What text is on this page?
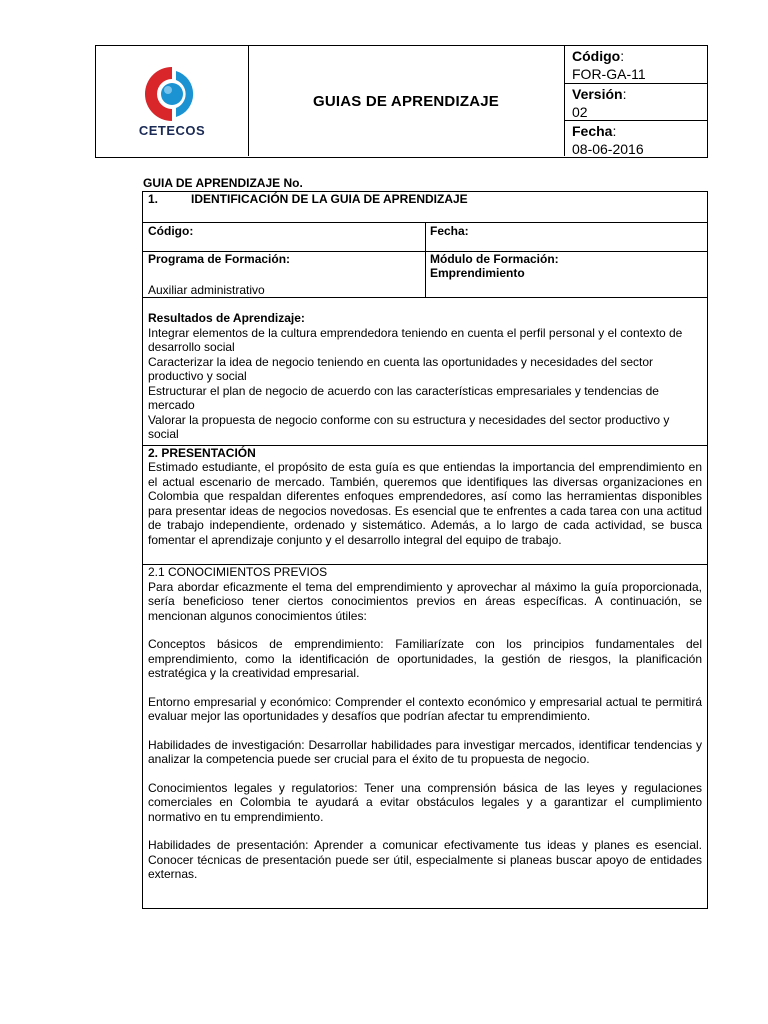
CETECOS
GUIAS DE APRENDIZAJE
Código:
FOR-GA-11
Versión:
02
Fecha:
08-06-2016
GUIA DE APRENDIZAJE No.
1.	IDENTIFICACIÓN DE LA GUIA DE APRENDIZAJE
Código:	Fecha:
Programa de Formación:
Auxiliar administrativo
Módulo de Formación:
Emprendimiento
Resultados de Aprendizaje:
Integrar elementos de la cultura emprendedora teniendo en cuenta el perfil personal y el contexto de desarrollo social
Caracterizar la idea de negocio teniendo en cuenta las oportunidades y necesidades del sector productivo y social
Estructurar el plan de negocio de acuerdo con las características empresariales y tendencias de mercado
Valorar la propuesta de negocio conforme con su estructura y necesidades del sector productivo y social
2. PRESENTACIÓN

Estimado estudiante, el propósito de esta guía es que entiendas la importancia del emprendimiento en el actual escenario de mercado. También, queremos que identifiques las diversas organizaciones en Colombia que respaldan diferentes enfoques emprendedores, así como las herramientas disponibles para presentar ideas de negocios novedosas. Es esencial que te enfrentes a cada tarea con una actitud de trabajo independiente, ordenado y sistemático. Además, a lo largo de cada actividad, se busca fomentar el aprendizaje conjunto y el desarrollo integral del equipo de trabajo.

2.1 CONOCIMIENTOS PREVIOS

Para abordar eficazmente el tema del emprendimiento y aprovechar al máximo la guía proporcionada, sería beneficioso tener ciertos conocimientos previos en áreas específicas. A continuación, se mencionan algunos conocimientos útiles:

Conceptos básicos de emprendimiento: Familiarízate con los principios fundamentales del emprendimiento, como la identificación de oportunidades, la gestión de riesgos, la planificación estratégica y la creatividad empresarial.

Entorno empresarial y económico: Comprender el contexto económico y empresarial actual te permitirá evaluar mejor las oportunidades y desafíos que podrían afectar tu emprendimiento.

Habilidades de investigación: Desarrollar habilidades para investigar mercados, identificar tendencias y analizar la competencia puede ser crucial para el éxito de tu propuesta de negocio.

Conocimientos legales y regulatorios: Tener una comprensión básica de las leyes y regulaciones comerciales en Colombia te ayudará a evitar obstáculos legales y a garantizar el cumplimiento normativo en tu emprendimiento.

Habilidades de presentación: Aprender a comunicar efectivamente tus ideas y planes es esencial. Conocer técnicas de presentación puede ser útil, especialmente si planeas buscar apoyo de entidades externas.
